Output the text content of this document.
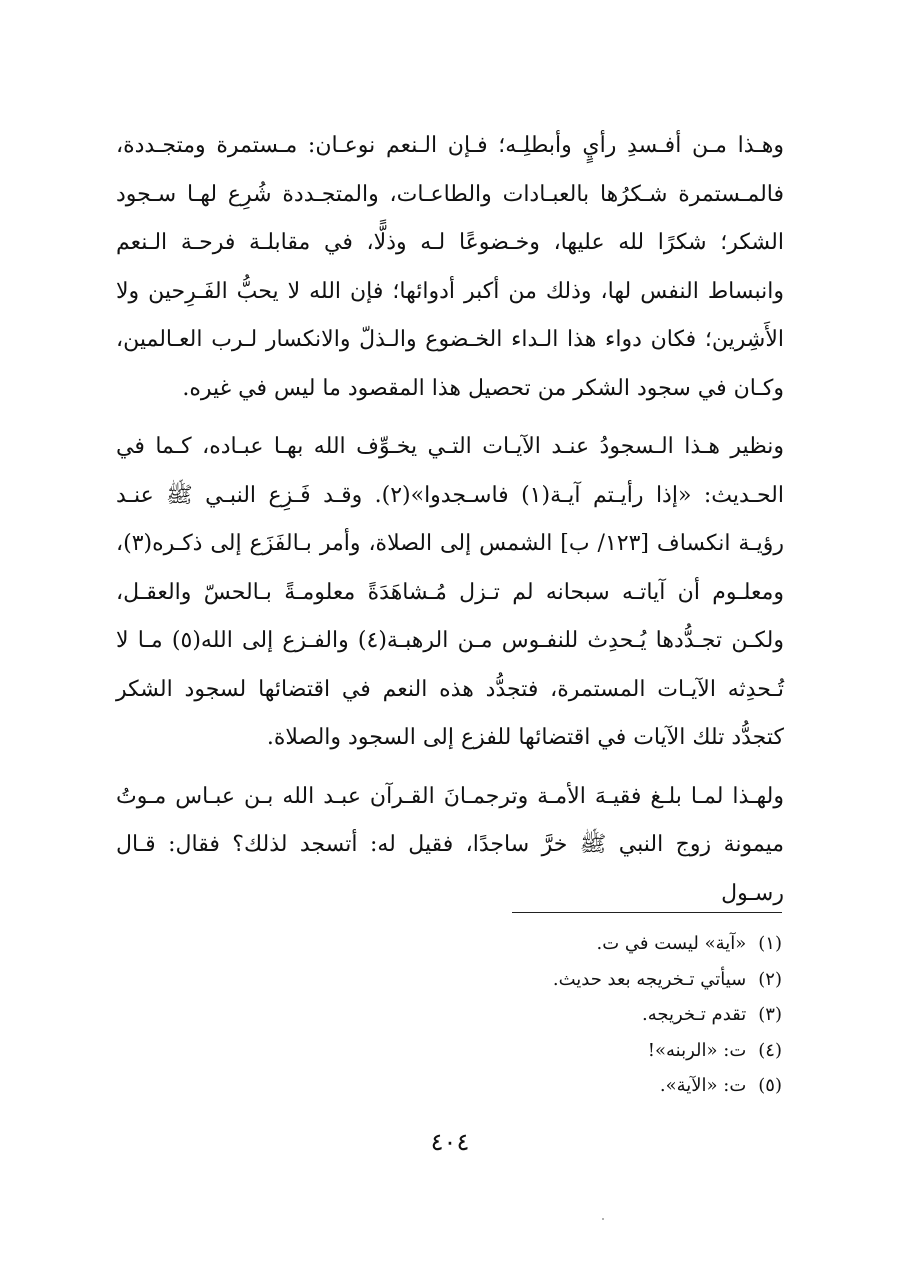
وهـذا مـن أفـسدِ رأيٍ وأبطلِـه؛ فـإن الـنعم نوعـان: مـستمرة ومتجـددة، فالمـستمرة شـكرُها بالعبـادات والطاعـات، والمتجـددة شُرِع لهـا سـجود الشكر؛ شكرًا لله عليها، وخـضوعًا لـه وذلًّا، في مقابلـة فرحـة الـنعم وانبساط النفس لها، وذلك من أكبر أدوائها؛ فإن الله لا يحبُّ الفَـرِحين ولا الأَشِرين؛ فكان دواء هذا الـداء الخـضوع والـذلّ والانكسار لـرب العـالمين، وكـان في سجود الشكر من تحصيل هذا المقصود ما ليس في غيره.

ونظير هـذا الـسجودُ عنـد الآيـات التـي يخـوِّف الله بهـا عبـاده، كـما في الحـديث: «إذا رأيـتم آيـة(١) فاسـجدوا»(٢). وقـد فَـزِع النبـي ﷺ عنـد رؤيـة انكساف [١٢٣/ ب] الشمس إلى الصلاة، وأمر بـالفَزَع إلى ذكـره(٣)، ومعلـوم أن آياتـه سبحانه لم تـزل مُـشاهَدَةً معلومـةً بـالحسّ والعقـل، ولكـن تجـدُّدها يُـحدِث للنفـوس مـن الرهبـة(٤) والفـزع إلى الله(٥) مـا لا تُـحدِثه الآيـات المستمرة، فتجدُّد هذه النعم في اقتضائها لسجود الشكر كتجدُّد تلك الآيات في اقتضائها للفزع إلى السجود والصلاة.

ولهـذا لمـا بلـغ فقيـهَ الأمـة وترجمـانَ القـرآن عبـد الله بـن عبـاس مـوتُ ميمونة زوج النبي ﷺ خرَّ ساجدًا، فقيل له: أتسجد لذلك؟ فقال: قـال رسـول

(١)«آية» ليست في ت.

(٢)سيأتي تـخريجه بعد حديث.

(٣)تقدم تـخريجه.

(٤)ت: «الربنه»!

(٥)ت: «الآية».

٤٠٤
